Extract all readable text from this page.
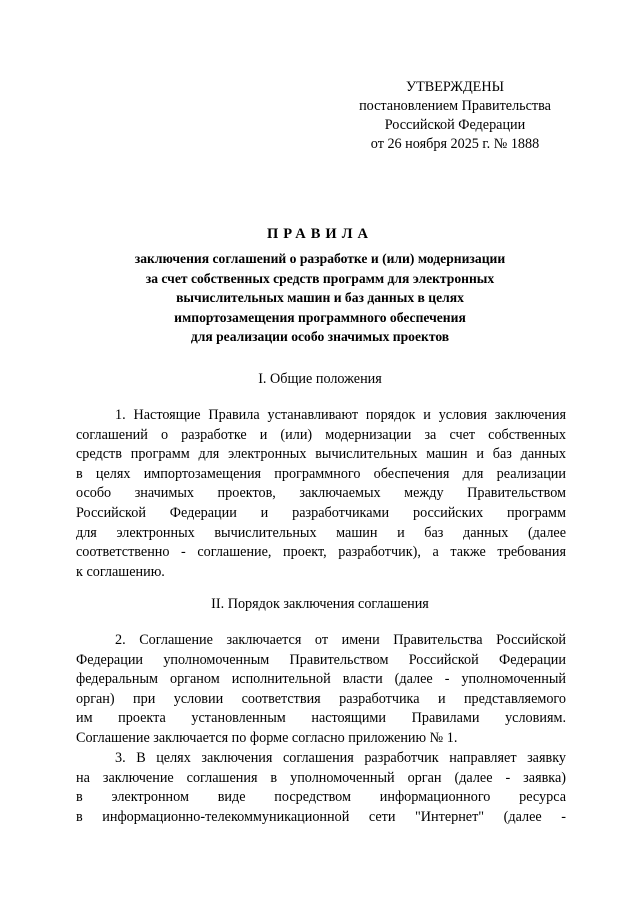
УТВЕРЖДЕНЫ
постановлением Правительства
Российской Федерации
от 26 ноября 2025 г. № 1888
ПРАВИЛА
заключения соглашений о разработке и (или) модернизации
за счет собственных средств программ для электронных
вычислительных машин и баз данных в целях
импортозамещения программного обеспечения
для реализации особо значимых проектов
I. Общие положения
1. Настоящие Правила устанавливают порядок и условия заключения
соглашений о разработке и (или) модернизации за счет собственных
средств программ для электронных вычислительных машин и баз данных
в целях импортозамещения программного обеспечения для реализации
особо значимых проектов, заключаемых между Правительством
Российской Федерации и разработчиками российских программ
для электронных вычислительных машин и баз данных (далее
соответственно - соглашение, проект, разработчик), а также требования
к соглашению.
II. Порядок заключения соглашения
2. Соглашение заключается от имени Правительства Российской
Федерации уполномоченным Правительством Российской Федерации
федеральным органом исполнительной власти (далее - уполномоченный
орган) при условии соответствия разработчика и представляемого
им проекта установленным настоящими Правилами условиям.
Соглашение заключается по форме согласно приложению № 1.
3. В целях заключения соглашения разработчик направляет заявку
на заключение соглашения в уполномоченный орган (далее - заявка)
в электронном виде посредством информационного ресурса
в информационно-телекоммуникационной сети "Интернет" (далее -
